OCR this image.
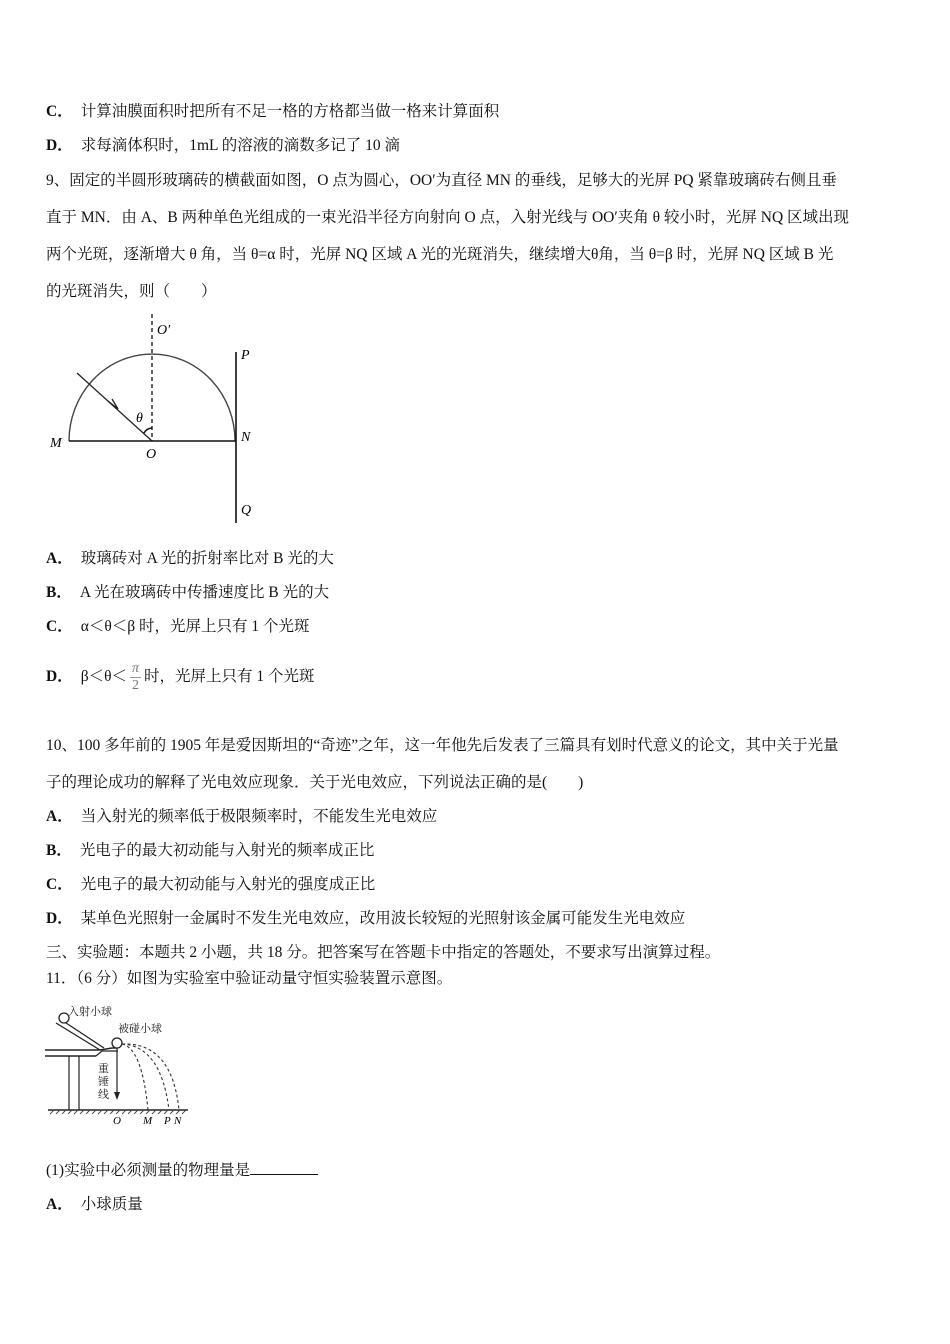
C． 计算油膜面积时把所有不足一格的方格都当做一格来计算面积
D． 求每滴体积时，1mL 的溶液的滴数多记了 10 滴
9、固定的半圆形玻璃砖的横截面如图，O 点为圆心，OO′为直径 MN 的垂线，足够大的光屏 PQ 紧靠玻璃砖右侧且垂
直于 MN．由 A、B 两种单色光组成的一束光沿半径方向射向 O 点，入射光线与 OO′夹角 θ 较小时，光屏 NQ 区域出现
两个光斑，逐渐增大 θ 角，当 θ=α 时，光屏 NQ 区域 A 光的光斑消失，继续增大θ角，当 θ=β 时，光屏 NQ 区域 B 光
的光斑消失，则（　　）
θ
O′
P
M
O
N
Q
A． 玻璃砖对 A 光的折射率比对 B 光的大
B． A 光在玻璃砖中传播速度比 B 光的大
C． α＜θ＜β 时，光屏上只有 1 个光斑
D． $\beta<\theta< \frac{\pi}{2}$ 时，光屏上只有 1 个光斑
10、100 多年前的 1905 年是爱因斯坦的“奇迹”之年，这一年他先后发表了三篇具有划时代意义的论文，其中关于光量
子的理论成功的解释了光电效应现象．关于光电效应，下列说法正确的是(　　)
A． 当入射光的频率低于极限频率时，不能发生光电效应
B． 光电子的最大初动能与入射光的频率成正比
C． 光电子的最大初动能与入射光的强度成正比
D． 某单色光照射一金属时不发生光电效应，改用波长较短的光照射该金属可能发生光电效应
三、实验题：本题共 2 小题，共 18 分。把答案写在答题卡中指定的答题处，不要求写出演算过程。
11．（6 分）如图为实验室中验证动量守恒实验装置示意图。
入射小球
被碰小球
重锤线
O M P N
(1)实验中必须测量的物理量是
A． 小球质量
